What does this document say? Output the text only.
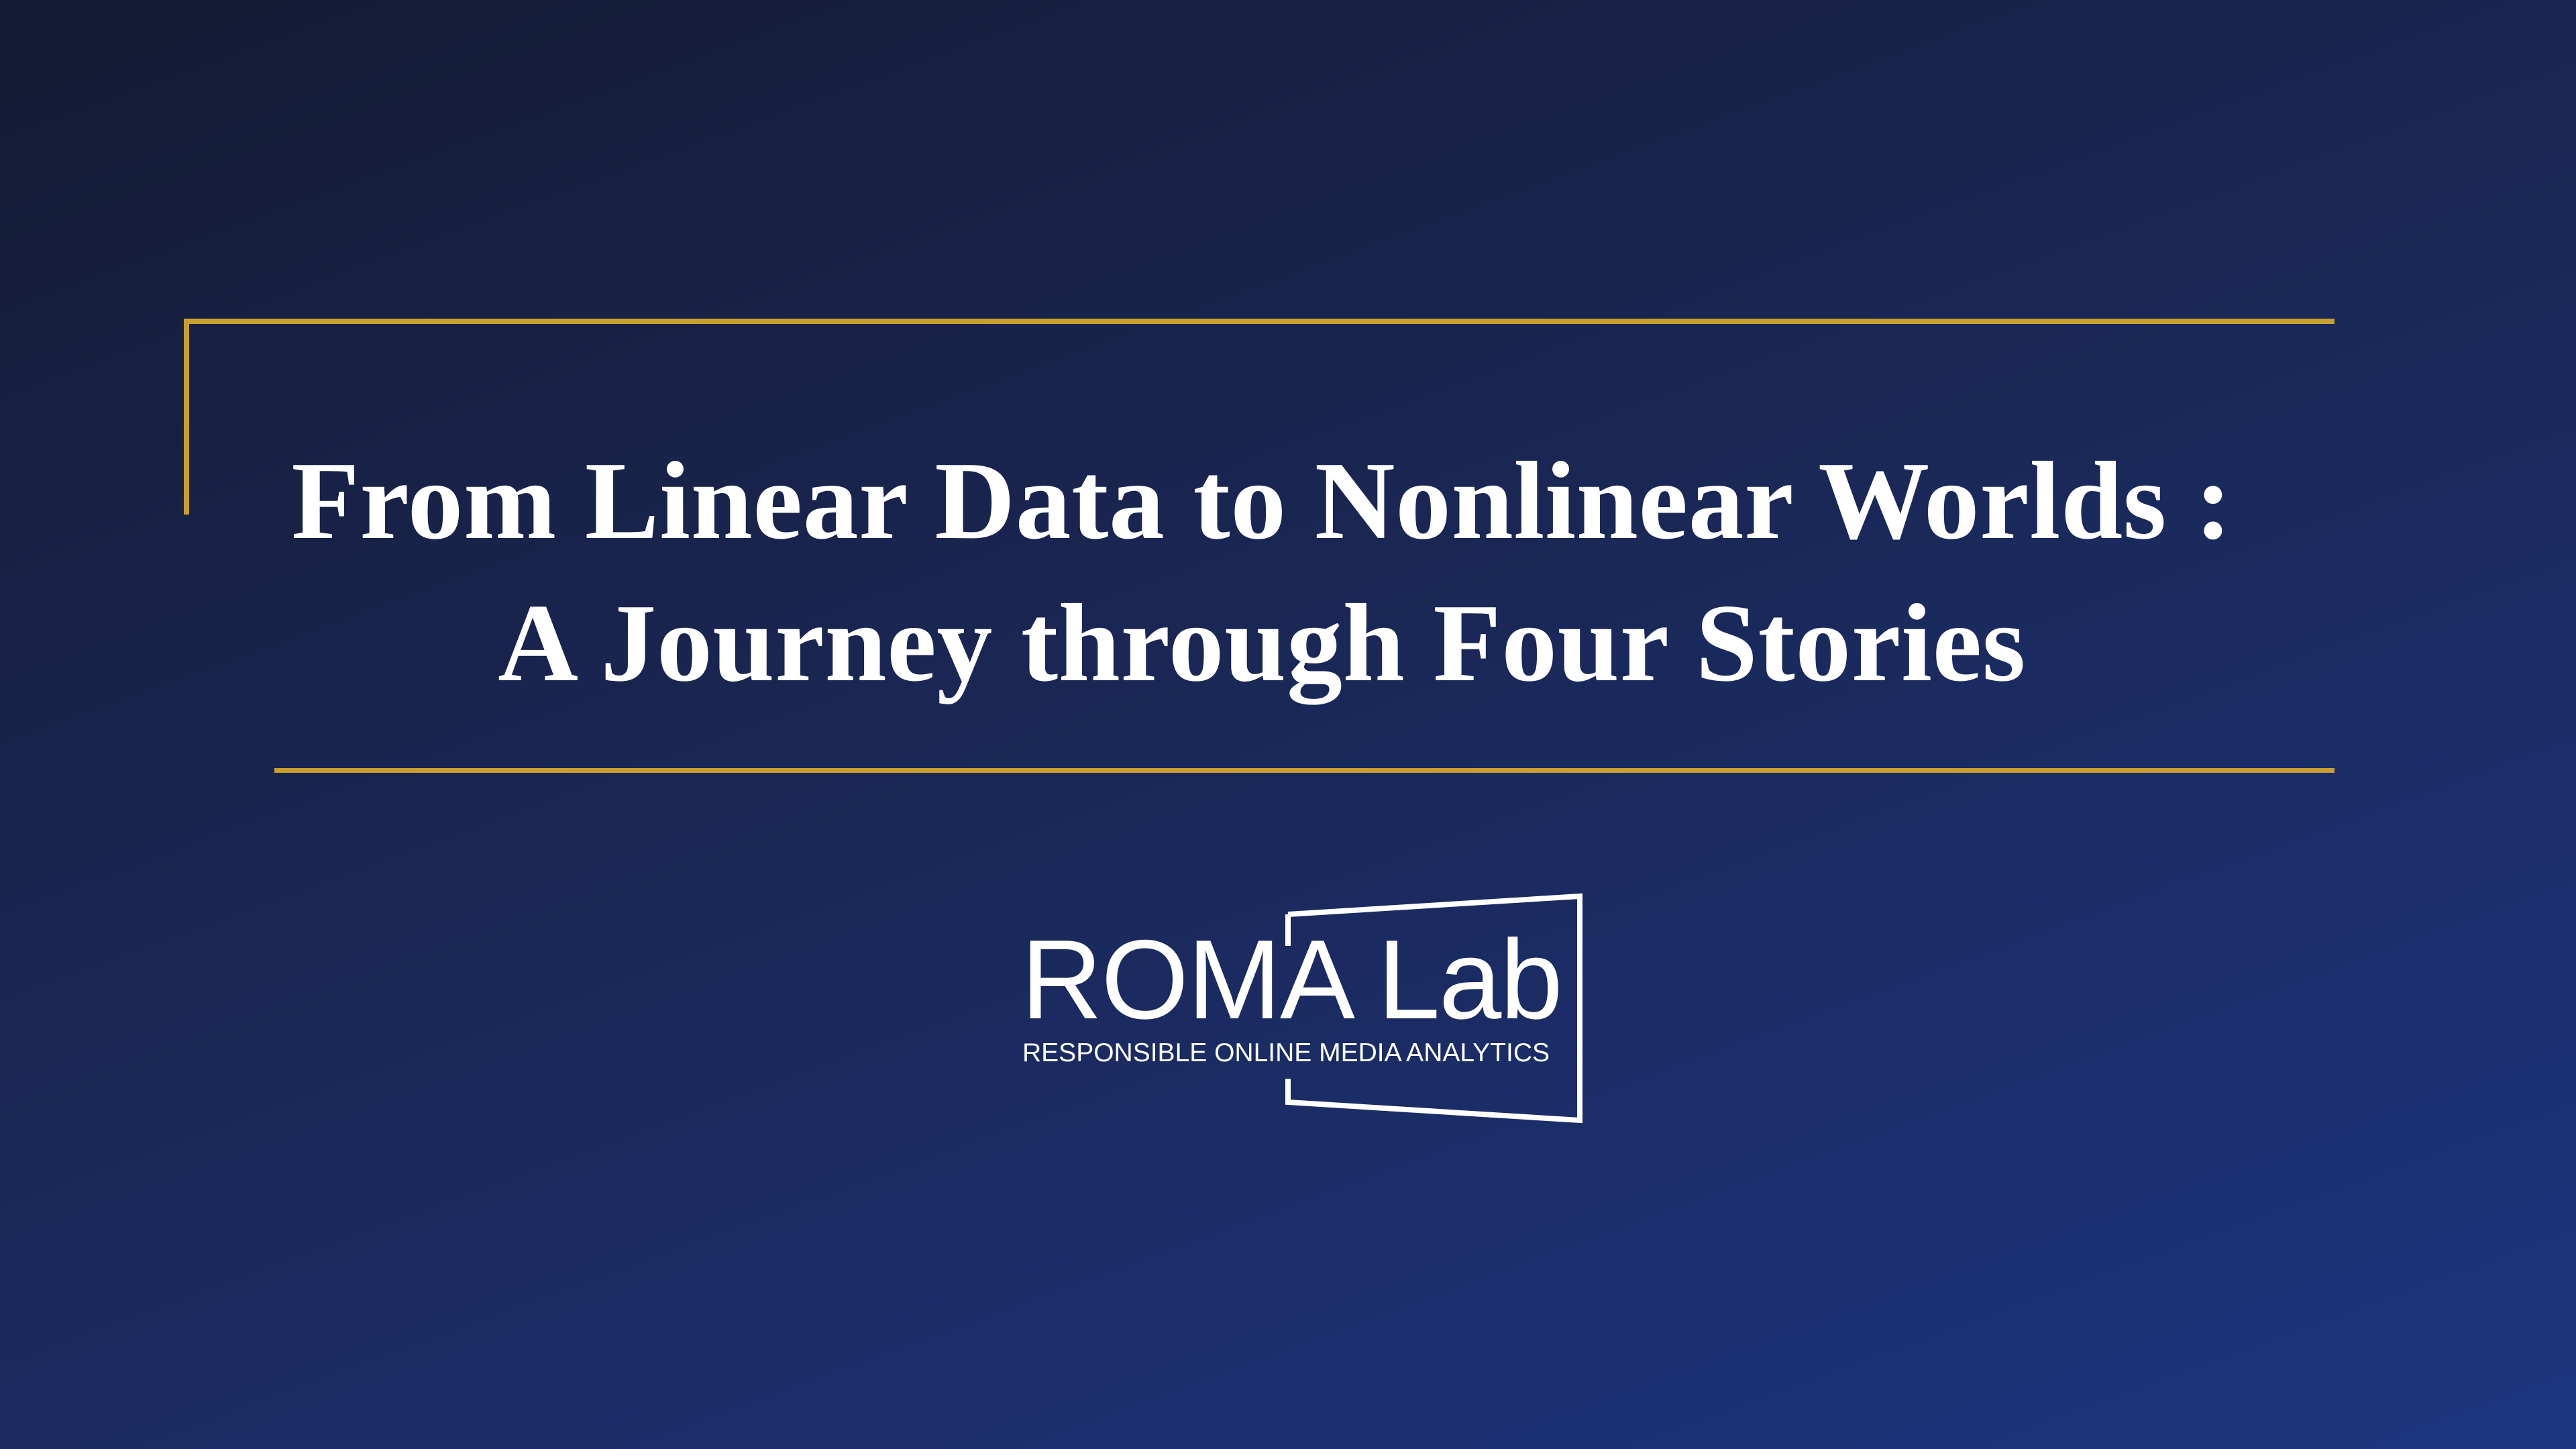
From Linear Data to Nonlinear Worlds :
A Journey through Four Stories
ROMA Lab
RESPONSIBLE ONLINE MEDIA ANALYTICS
